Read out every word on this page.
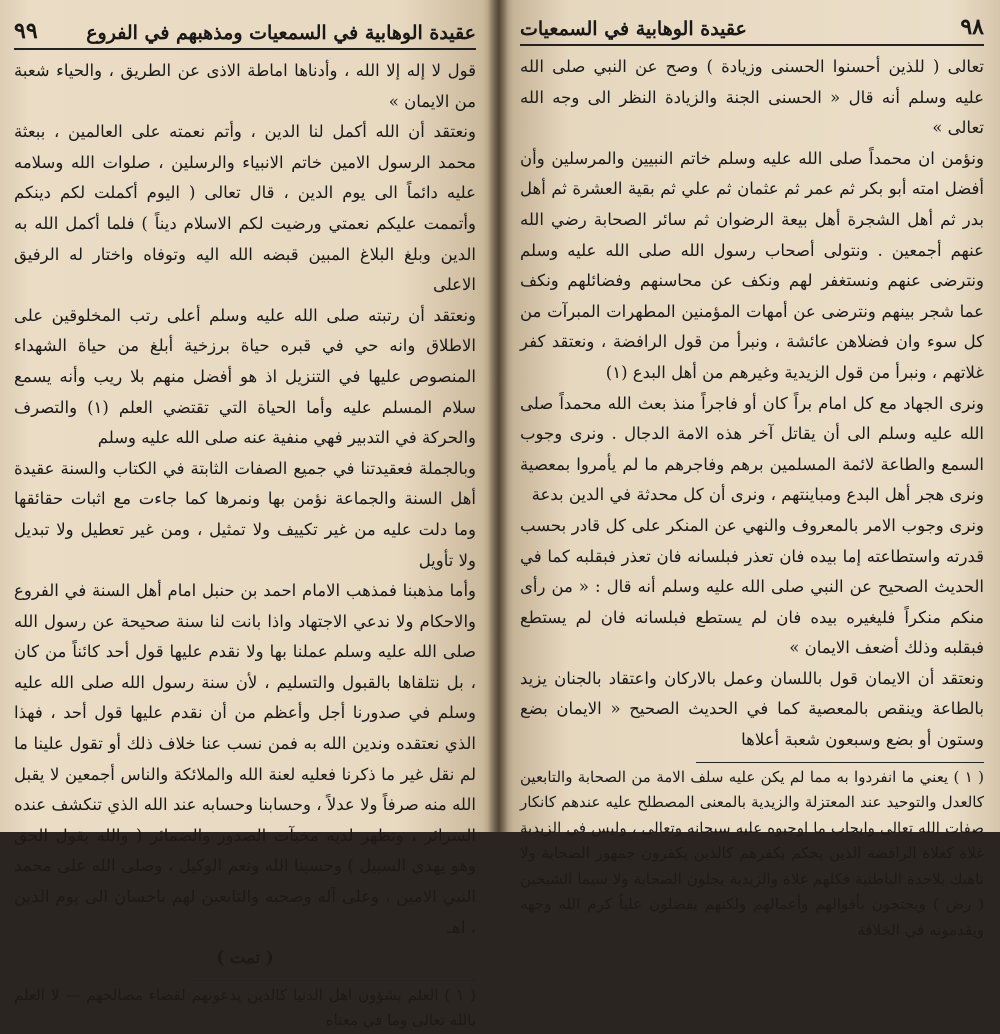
٩٩	عقيدة الوهابية في السمعيات ومذهبهم في الفروع

قول لا إله إلا الله ، وأدناها اماطة الاذى عن الطريق ، والحياء شعبة من الايمان »

ونعتقد أن الله أكمل لنا الدين ، وأتم نعمته على العالمين ، ببعثة محمد الرسول الامين خاتم الانبياء والرسلين ، صلوات الله وسلامه عليه دائماً الى يوم الدين ، قال تعالى ( اليوم أكملت لكم دينكم وأتممت عليكم نعمتي ورضيت لكم الاسلام ديناً ) فلما أكمل الله به الدين وبلغ البلاغ المبين قبضه الله اليه وتوفاه واختار له الرفيق الاعلى

ونعتقد أن رتبته صلى الله عليه وسلم أعلى رتب المخلوقين على الاطلاق وانه حي في قبره حياة برزخية أبلغ من حياة الشهداء المنصوص عليها في التنزيل اذ هو أفضل منهم بلا ريب وأنه يسمع سلام المسلم عليه وأما الحياة التي تقتضي العلم (١) والتصرف والحركة في التدبير فهي منفية عنه صلى الله عليه وسلم

وبالجملة فعقيدتنا في جميع الصفات الثابتة في الكتاب والسنة عقيدة أهل السنة والجماعة نؤمن بها ونمرها كما جاءت مع اثبات حقائقها وما دلت عليه من غير تكييف ولا تمثيل ، ومن غير تعطيل ولا تبديل ولا تأويل

وأما مذهبنا فمذهب الامام احمد بن حنبل امام أهل السنة في الفروع والاحكام ولا ندعي الاجتهاد واذا بانت لنا سنة صحيحة عن رسول الله صلى الله عليه وسلم عملنا بها ولا نقدم عليها قول أحد كائناً من كان ، بل نتلقاها بالقبول والتسليم ، لأن سنة رسول الله صلى الله عليه وسلم في صدورنا أجل وأعظم من أن نقدم عليها قول أحد ، فهذا الذي نعتقده وندين الله به فمن نسب عنا خلاف ذلك أو تقول علينا ما لم نقل غير ما ذكرنا فعليه لعنة الله والملائكة والناس أجمعين لا يقبل الله منه صرفاً ولا عدلاً ، وحسابنا وحسابه عند الله الذي تنكشف عنده السرائر ، وتظهر لديه مخبآت الصدور والضمائر ( والله يقول الحق وهو يهدي السبيل ) وحسبنا الله ونعم الوكيل ، وصلى الله على محمد النبي الامين ، وعلى آله وصحبه والتابعين لهم باحسان الى يوم الدين ، اهـ

( تمت )

( ١ ) العلم بشؤون اهل الدنيا كالذين يدعونهم لقضاء مصالحهم — لا العلم بالله تعالى وما في معناه

عقيدة الوهابية في السمعيات	٩٨

تعالى ( للذين أحسنوا الحسنى وزيادة ) وصح عن النبي صلى الله عليه وسلم أنه قال « الحسنى الجنة والزيادة النظر الى وجه الله تعالى »

ونؤمن ان محمداً صلى الله عليه وسلم خاتم النبيين والمرسلين وأن أفضل امته أبو بكر ثم عمر ثم عثمان ثم علي ثم بقية العشرة ثم أهل بدر ثم أهل الشجرة أهل بيعة الرضوان ثم سائر الصحابة رضي الله عنهم أجمعين . ونتولى أصحاب رسول الله صلى الله عليه وسلم ونترضى عنهم ونستغفر لهم ونكف عن محاسنهم وفضائلهم ونكف عما شجر بينهم ونترضى عن أمهات المؤمنين المطهرات المبرآت من كل سوء وان فضلاهن عائشة ، ونبرأ من قول الرافضة ، ونعتقد كفر غلاتهم ، ونبرأ من قول الزيدية وغيرهم من أهل البدع (١)

ونرى الجهاد مع كل امام براً كان أو فاجراً منذ بعث الله محمداً صلى الله عليه وسلم الى أن يقاتل آخر هذه الامة الدجال . ونرى وجوب السمع والطاعة لائمة المسلمين برهم وفاجرهم ما لم يأمروا بمعصية ونرى هجر أهل البدع ومباينتهم ، ونرى أن كل محدثة في الدين بدعة

ونرى وجوب الامر بالمعروف والنهي عن المنكر على كل قادر بحسب قدرته واستطاعته إما بيده فان تعذر فبلسانه فان تعذر فبقلبه كما في الحديث الصحيح عن النبي صلى الله عليه وسلم أنه قال : « من رأى منكم منكراً فليغيره بيده فان لم يستطع فبلسانه فان لم يستطع فبقلبه وذلك أضعف الايمان »

ونعتقد أن الايمان قول باللسان وعمل بالاركان واعتقاد بالجنان يزيد بالطاعة وينقص بالمعصية كما في الحديث الصحيح « الايمان بضع وستون أو بضع وسبعون شعبة أعلاها

( ١ ) يعني ما انفردوا به مما لم يكن عليه سلف الامة من الصحابة والتابعين كالعدل والتوحيد عند المعتزلة والزيدية بالمعنى المصطلح عليه عندهم كانكار صفات الله تعالى وايجاب ما اوجبوه عليه سبحانه وتعالى ، وليس في الزيدية غلاة كغلاة الرافضة الذين يحكم بكفرهم كالذين يكفرون جمهور الصحابة ولا ناهيك بلاحدة الباطنية فكلهم غلاة والزيدية يجلون الصحابة ولا سيما الشيخين ( رض ) ويحتجون بأقوالهم وأعمالهم ولكنهم يفضلون علياً كرم الله وجهه ويقدمونه في الخلافة
